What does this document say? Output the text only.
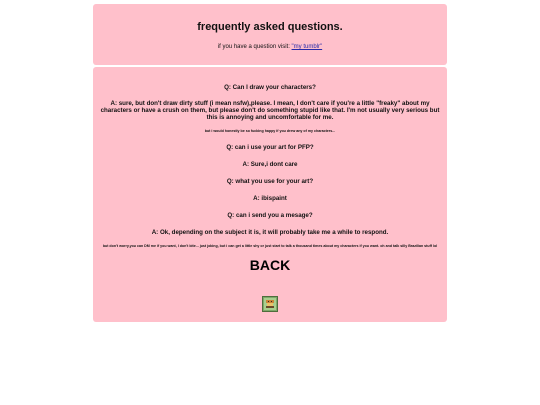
frequently asked questions.
if you have a question visit: "my tumblr"

Q: Can I draw your characters?

A: sure, but don't draw dirty stuff (i mean nsfw),please. I mean, I don't care if you're a little "freaky" about my characters or have a crush on them, but please don't do something stupid like that. I'm not usually very serious but this is annoying and uncomfortable for me.

but i would honestly be so fucking happy if you drew any of my characters...

Q: can i use your art for PFP?

A: Sure,i dont care

Q: what you use for your art?

A: ibispaint

Q: can i send you a mesage?

A: Ok, depending on the subject it is, it will probably take me a while to respond.

but don't worry,you can DM me if you want, I don't bite... just joking, but i can get a little shy or just start to talk a thousand times about my characters if you want. oh and talk silly Brazilian stuff lol

BACK
